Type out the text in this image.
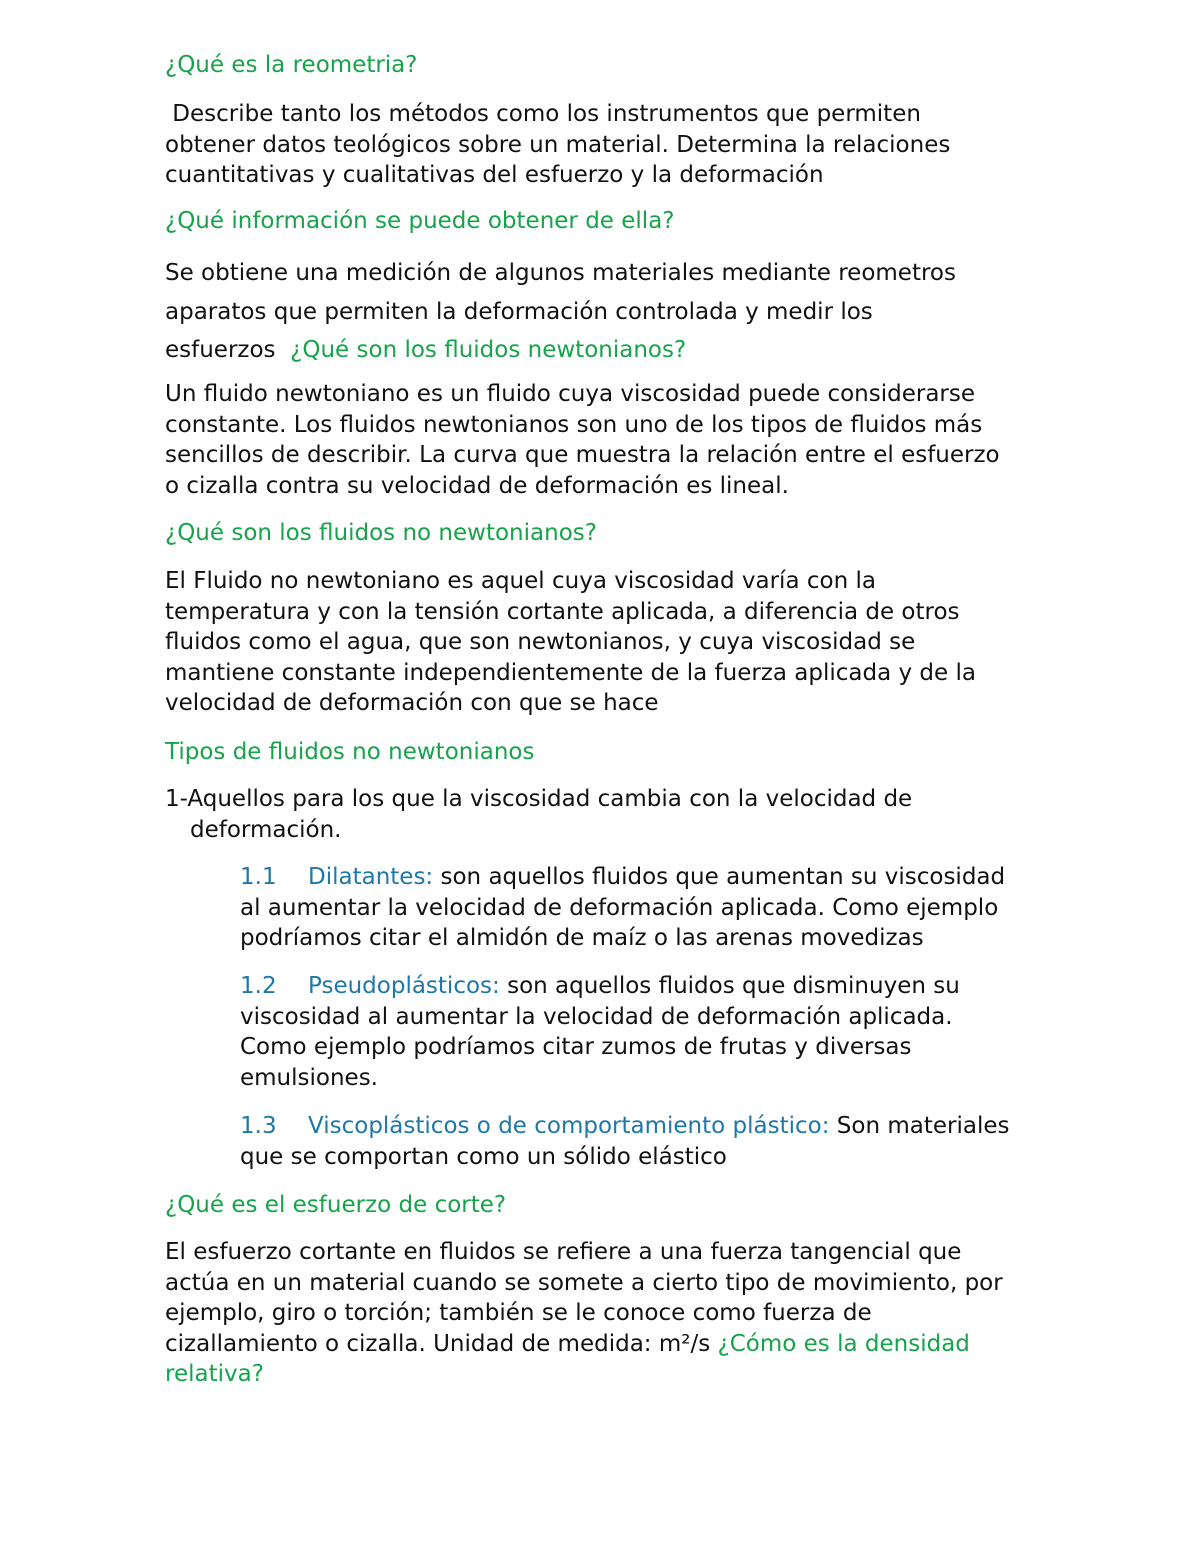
¿Qué es la reometria?

Describe tanto los métodos como los instrumentos que permiten
obtener datos teológicos sobre un material. Determina la relaciones
cuantitativas y cualitativas del esfuerzo y la deformación

¿Qué información se puede obtener de ella?

Se obtiene una medición de algunos materiales mediante reometros
aparatos que permiten la deformación controlada y medir los
esfuerzos ¿Qué son los fluidos newtonianos?

Un fluido newtoniano es un fluido cuya viscosidad puede considerarse
constante. Los fluidos newtonianos son uno de los tipos de fluidos más
sencillos de describir. La curva que muestra la relación entre el esfuerzo
o cizalla contra su velocidad de deformación es lineal.

¿Qué son los fluidos no newtonianos?

El Fluido no newtoniano es aquel cuya viscosidad varía con la
temperatura y con la tensión cortante aplicada, a diferencia de otros
fluidos como el agua, que son newtonianos, y cuya viscosidad se
mantiene constante independientemente de la fuerza aplicada y de la
velocidad de deformación con que se hace

Tipos de fluidos no newtonianos

1-Aquellos para los que la viscosidad cambia con la velocidad de
deformación.

1.1 Dilatantes: son aquellos fluidos que aumentan su viscosidad
al aumentar la velocidad de deformación aplicada. Como ejemplo
podríamos citar el almidón de maíz o las arenas movedizas

1.2 Pseudoplásticos: son aquellos fluidos que disminuyen su
viscosidad al aumentar la velocidad de deformación aplicada.
Como ejemplo podríamos citar zumos de frutas y diversas
emulsiones.

1.3 Viscoplásticos o de comportamiento plástico: Son materiales
que se comportan como un sólido elástico

¿Qué es el esfuerzo de corte?

El esfuerzo cortante en fluidos se refiere a una fuerza tangencial que
actúa en un material cuando se somete a cierto tipo de movimiento, por
ejemplo, giro o torción; también se le conoce como fuerza de
cizallamiento o cizalla. Unidad de medida: m²/s ¿Cómo es la densidad
relativa?
